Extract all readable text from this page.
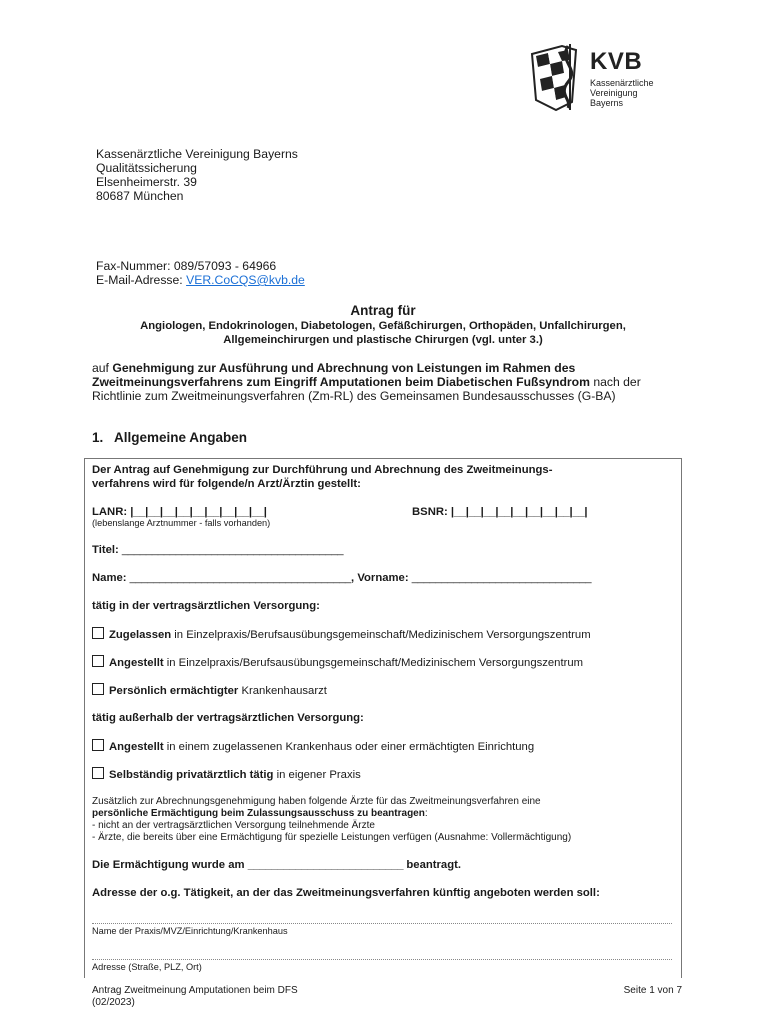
KVB
Kassenärztliche
Vereinigung
Bayerns
Kassenärztliche Vereinigung Bayerns
Qualitätssicherung
Elsenheimerstr. 39
80687 München
Fax-Nummer: 089/57093 - 64966
E-Mail-Adresse: VER.CoCQS@kvb.de
Antrag für
Angiologen, Endokrinologen, Diabetologen, Gefäßchirurgen, Orthopäden, Unfallchirurgen,
Allgemeinchirurgen und plastische Chirurgen (vgl. unter 3.)
auf Genehmigung zur Ausführung und Abrechnung von Leistungen im Rahmen des
Zweitmeinungsverfahrens zum Eingriff Amputationen beim Diabetischen Fußsyndrom nach der
Richtlinie zum Zweitmeinungsverfahren (Zm-RL) des Gemeinsamen Bundesausschusses (G-BA)
1.   Allgemeine Angaben
Der Antrag auf Genehmigung zur Durchführung und Abrechnung des Zweitmeinungs-
verfahrens wird für folgende/n Arzt/Ärztin gestellt:
LANR: |__|__|__|__|__|__|__|__|__|
(lebenslange Arztnummer - falls vorhanden)
BSNR: |__|__|__|__|__|__|__|__|__|
Titel: _____________________________________
Name: _____________________________________, Vorname: ______________________________
tätig in der vertragsärztlichen Versorgung:
Zugelassen in Einzelpraxis/Berufsausübungsgemeinschaft/Medizinischem Versorgungszentrum
Angestellt in Einzelpraxis/Berufsausübungsgemeinschaft/Medizinischem Versorgungszentrum
Persönlich ermächtigter Krankenhausarzt
tätig außerhalb der vertragsärztlichen Versorgung:
Angestellt in einem zugelassenen Krankenhaus oder einer ermächtigten Einrichtung
Selbständig privatärztlich tätig in eigener Praxis
Zusätzlich zur Abrechnungsgenehmigung haben folgende Ärzte für das Zweitmeinungsverfahren eine
persönliche Ermächtigung beim Zulassungsausschuss zu beantragen:
- nicht an der vertragsärztlichen Versorgung teilnehmende Ärzte
- Ärzte, die bereits über eine Ermächtigung für spezielle Leistungen verfügen (Ausnahme: Vollermächtigung)
Die Ermächtigung wurde am __________________________ beantragt.
Adresse der o.g. Tätigkeit, an der das Zweitmeinungsverfahren künftig angeboten werden soll:
Name der Praxis/MVZ/Einrichtung/Krankenhaus
Adresse (Straße, PLZ, Ort)
Antrag Zweitmeinung Amputationen beim DFS
(02/2023)
Seite 1 von 7
